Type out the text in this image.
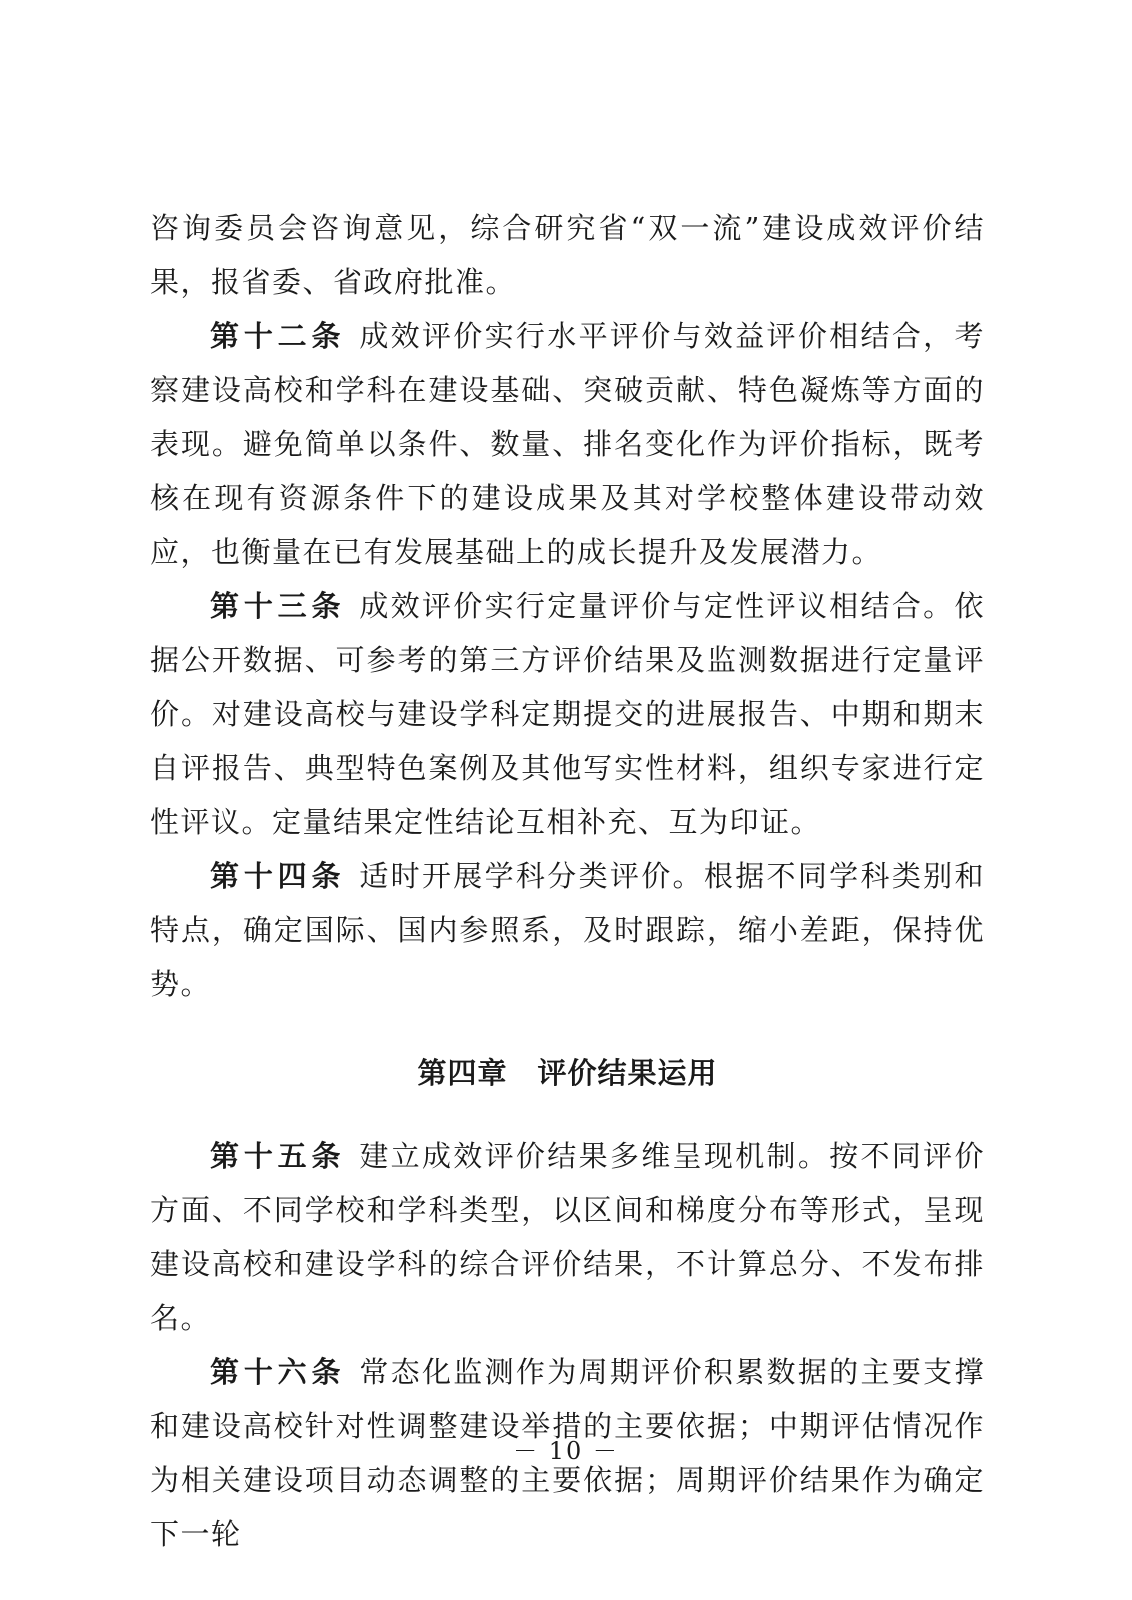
咨询委员会咨询意见，综合研究省“双一流”建设成效评价结果，报省委、省政府批准。

第十二条 成效评价实行水平评价与效益评价相结合，考察建设高校和学科在建设基础、突破贡献、特色凝炼等方面的表现。避免简单以条件、数量、排名变化作为评价指标，既考核在现有资源条件下的建设成果及其对学校整体建设带动效应，也衡量在已有发展基础上的成长提升及发展潜力。

第十三条 成效评价实行定量评价与定性评议相结合。依据公开数据、可参考的第三方评价结果及监测数据进行定量评价。对建设高校与建设学科定期提交的进展报告、中期和期末自评报告、典型特色案例及其他写实性材料，组织专家进行定性评议。定量结果定性结论互相补充、互为印证。

第十四条 适时开展学科分类评价。根据不同学科类别和特点，确定国际、国内参照系，及时跟踪，缩小差距，保持优势。

第四章 评价结果运用

第十五条 建立成效评价结果多维呈现机制。按不同评价方面、不同学校和学科类型，以区间和梯度分布等形式，呈现建设高校和建设学科的综合评价结果，不计算总分、不发布排名。

第十六条 常态化监测作为周期评价积累数据的主要支撑和建设高校针对性调整建设举措的主要依据；中期评估情况作为相关建设项目动态调整的主要依据；周期评价结果作为确定下一轮

－ 10 －
